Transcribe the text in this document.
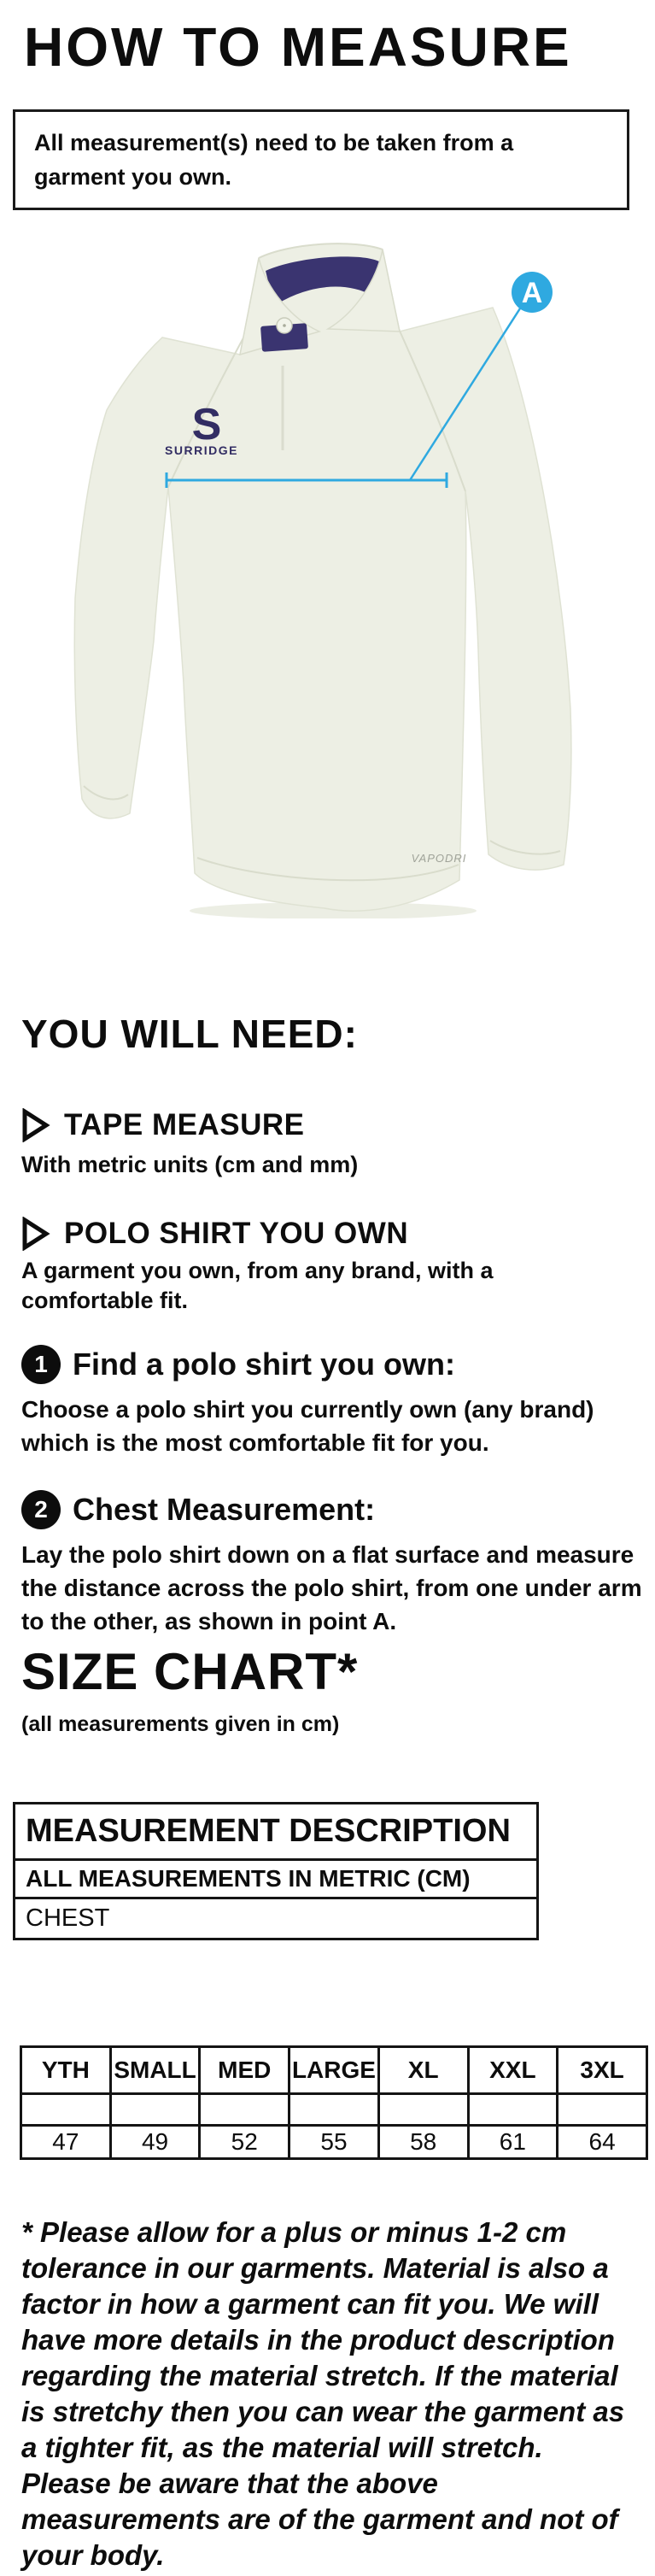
HOW TO MEASURE

All measurement(s) need to be taken from a garment you own.

S
SURRIDGE
VAPODRI
A
YOU WILL NEED:
TAPE MEASURE
With metric units (cm and mm)
POLO SHIRT YOU OWN
A garment you own, from any brand, with a comfortable fit.
1 Find a polo shirt you own:
Choose a polo shirt you currently own (any brand) which is the most comfortable fit for you.
2 Chest Measurement:
Lay the polo shirt down on a flat surface and measure the distance across the polo shirt, from one under arm to the other, as shown in point A.
SIZE CHART*
(all measurements given in cm)
MEASUREMENT DESCRIPTION
ALL MEASUREMENTS IN METRIC (CM)
CHEST
YTH	SMALL	MED	LARGE	XL	XXL	3XL

47	49	52	55	58	61	64

* Please allow for a plus or minus 1-2 cm tolerance in our garments. Material is also a factor in how a garment can fit you. We will have more details in the product description regarding the material stretch. If the material is stretchy then you can wear the garment as a tighter fit, as the material will stretch. Please be aware that the above measurements are of the garment and not of your body.
